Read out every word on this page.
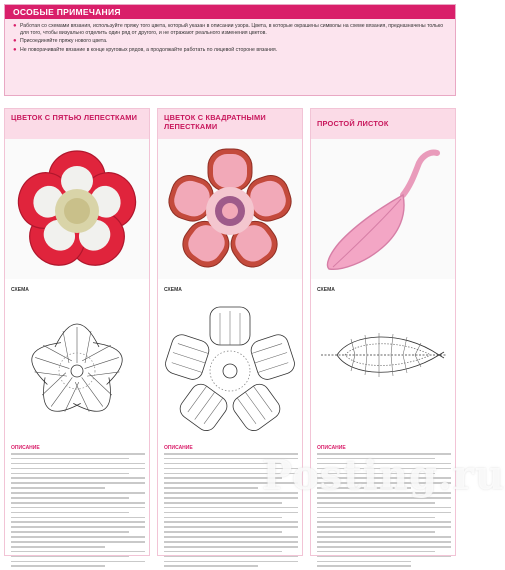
ОСОБЫЕ ПРИМЕЧАНИЯ
● Работая со схемами вязания, используйте пряжу того цвета, который указан в описании узора. Цвета, в которые окрашены символы на схеме вязания, предназначены только для того, чтобы визуально отделить один ряд от другого, и не отражают реального изменения цветов.
● Присоединяйте пряжу нового цвета.
● Не поворачивайте вязание в конце круговых рядов, а продолжайте работать по лицевой стороне вязания.
ЦВЕТОК С ПЯТЬЮ ЛЕПЕСТКАМИ
СХЕМА
ОПИСАНИЕ
ЦВЕТОК С КВАДРАТНЫМИ ЛЕПЕСТКАМИ
СХЕМА
ОПИСАНИЕ
ПРОСТОЙ ЛИСТОК
СХЕМА
ОПИСАНИЕ
Posting.ru
